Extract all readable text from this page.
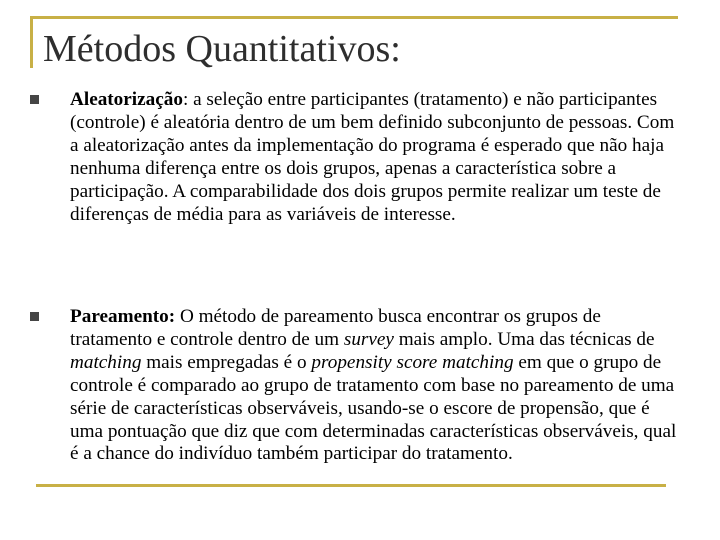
Métodos Quantitativos:
Aleatorização: a seleção entre participantes (tratamento) e não participantes (controle) é aleatória dentro de um bem definido subconjunto de pessoas. Com a aleatorização antes da implementação do programa é esperado que não haja nenhuma diferença entre os dois grupos, apenas a característica sobre a participação. A comparabilidade dos dois grupos permite realizar um teste de diferenças de média para as variáveis de interesse.
Pareamento: O método de pareamento busca encontrar os grupos de tratamento e controle dentro de um survey mais amplo. Uma das técnicas de matching mais empregadas é o propensity score matching em que o grupo de controle é comparado ao grupo de tratamento com base no pareamento de uma série de características observáveis, usando-se o escore de propensão, que é uma pontuação que diz que com determinadas características observáveis, qual é a chance do indivíduo também participar do tratamento.
